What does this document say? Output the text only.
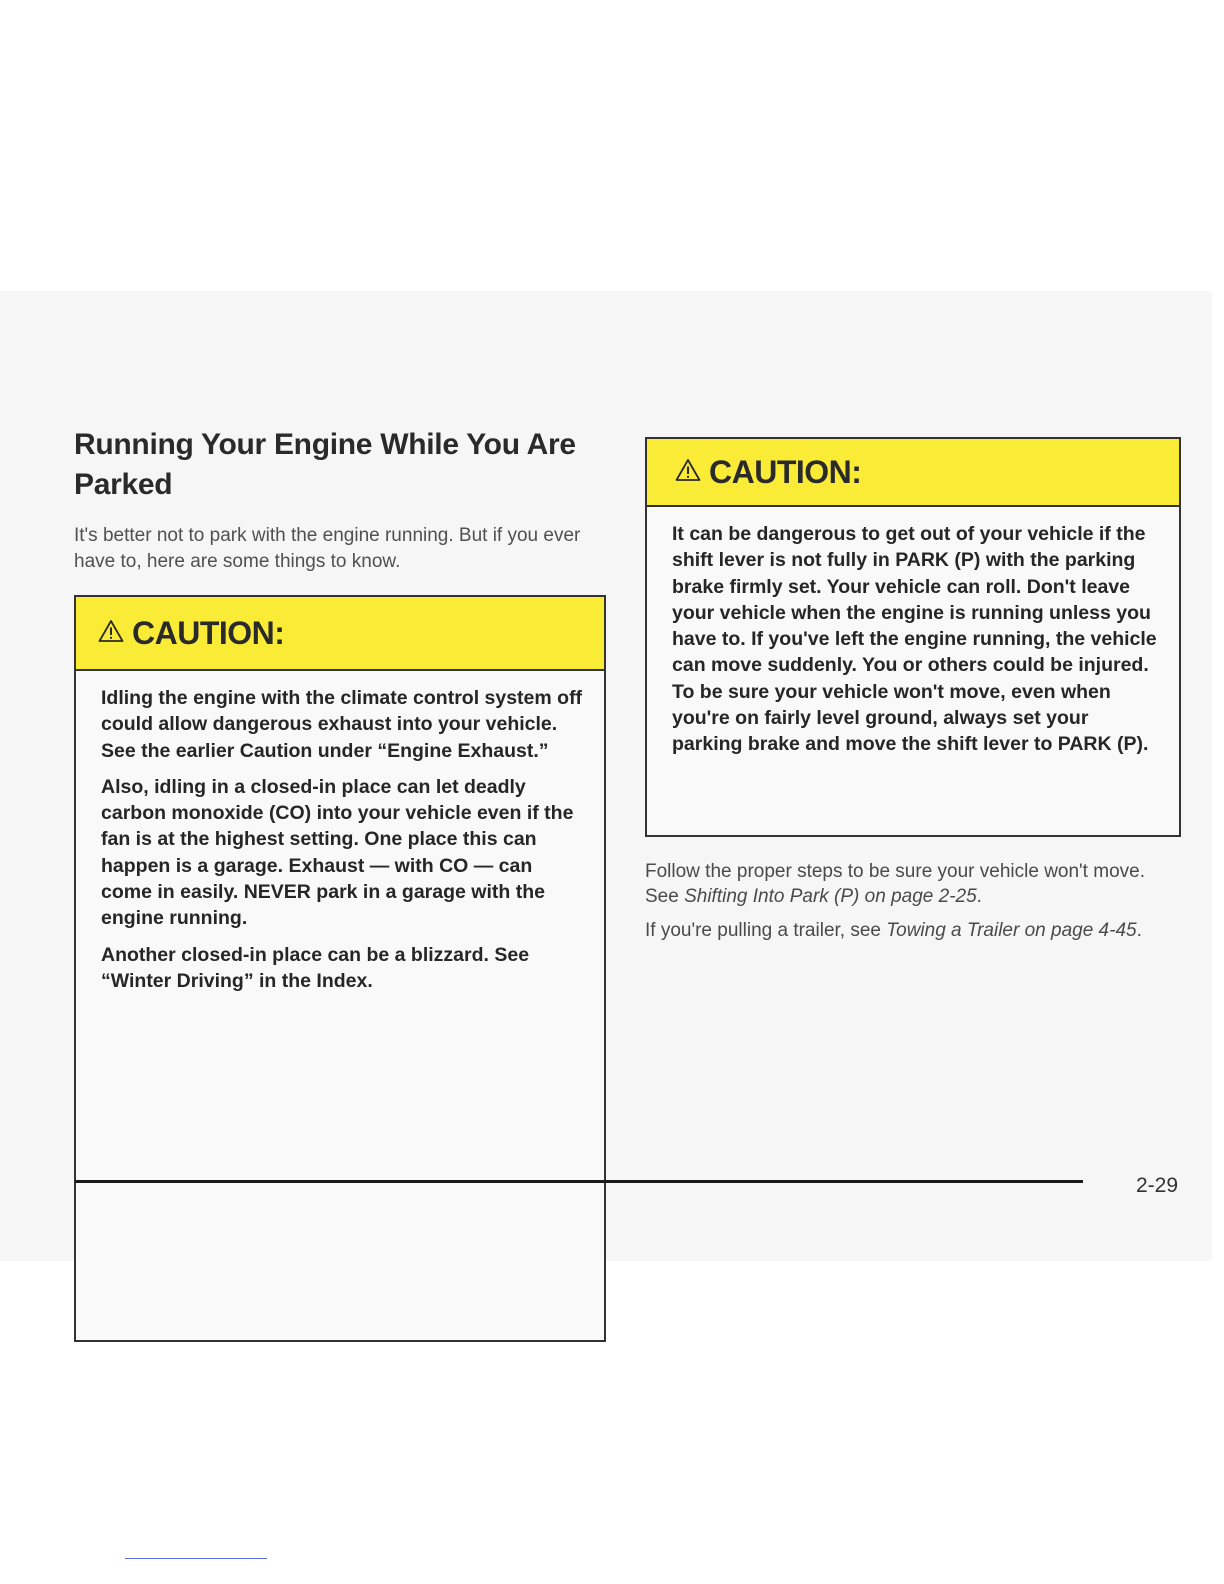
Running Your Engine While You Are Parked

It's better not to park with the engine running. But if you ever have to, here are some things to know.

CAUTION:

Idling the engine with the climate control system off could allow dangerous exhaust into your vehicle. See the earlier Caution under “Engine Exhaust.”

Also, idling in a closed-in place can let deadly carbon monoxide (CO) into your vehicle even if the fan is at the highest setting. One place this can happen is a garage. Exhaust — with CO — can come in easily. NEVER park in a garage with the engine running.

Another closed-in place can be a blizzard. See “Winter Driving” in the Index.

CAUTION:

It can be dangerous to get out of your vehicle if the shift lever is not fully in PARK (P) with the parking brake firmly set. Your vehicle can roll. Don't leave your vehicle when the engine is running unless you have to. If you've left the engine running, the vehicle can move suddenly. You or others could be injured. To be sure your vehicle won't move, even when you're on fairly level ground, always set your parking brake and move the shift lever to PARK (P).

Follow the proper steps to be sure your vehicle won't move. See Shifting Into Park (P) on page 2-25.

If you're pulling a trailer, see Towing a Trailer on page 4-45.

2-29
